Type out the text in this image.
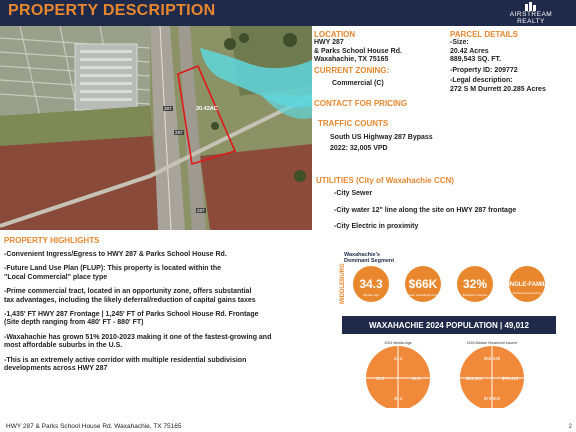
PROPERTY DESCRIPTION	AIRSTREAM REALTY
20.42AC
287
287
287
LOCATION
HWY 287
& Parks School House Rd.
Waxahachie, TX 75165
CURRENT ZONING:
Commercial (C)
CONTACT FOR PRICING
TRAFFIC COUNTS
South US Highway 287 Bypass
2022: 32,005 VPD
UTILITIES (City of Waxahachie CCN)
-City Sewer
-City water 12" line along the site on HWY 287 frontage
-City Electric in proximity
PARCEL DETAILS
-Size:
20.42 Acres
889,543 SQ. FT.
-Property ID: 209772
-Legal description:
272 S M Durrett 20.285 Acres
PROPERTY HIGHLIGHTS
-Convenient Ingress/Egress to HWY 287 & Parks School House Rd.
-Future Land Use Plan (FLUP): This property is located within the
"Local Commercial" place type
-Prime commercial tract, located in an opportunity zone, offers substantial
tax advantages, including the likely deferral/reduction of capital gains taxes
-1,435' FT HWY 287 Frontage | 1,245' FT of Parks School House Rd. Frontage
(Site depth ranging from 480' FT - 880' FT)
-Waxahachie has grown 51% 2010-2023 making it one of the fastest-growing and
most affordable suburbs in the U.S.
-This is an extremely active corridor with multiple residential subdivision
developments across HWY 287
Waxahachie's
Dominant Segment
MIDDLEBURG 34.3
Median Age
$66K
Median Household Income
32%
Bachelor's Degree
SINGLE-FAMILY
Predominant Housing
WAXAHACHIE 2024 POPULATION | 49,012
2024 Median Age	2024 Median Household Income
34.2
35.2	34.5
35.2
$66,238
$63,524	$78,413
$73,903
HWY 287 & Parks School House Rd. Waxahachie, TX 75165	2
